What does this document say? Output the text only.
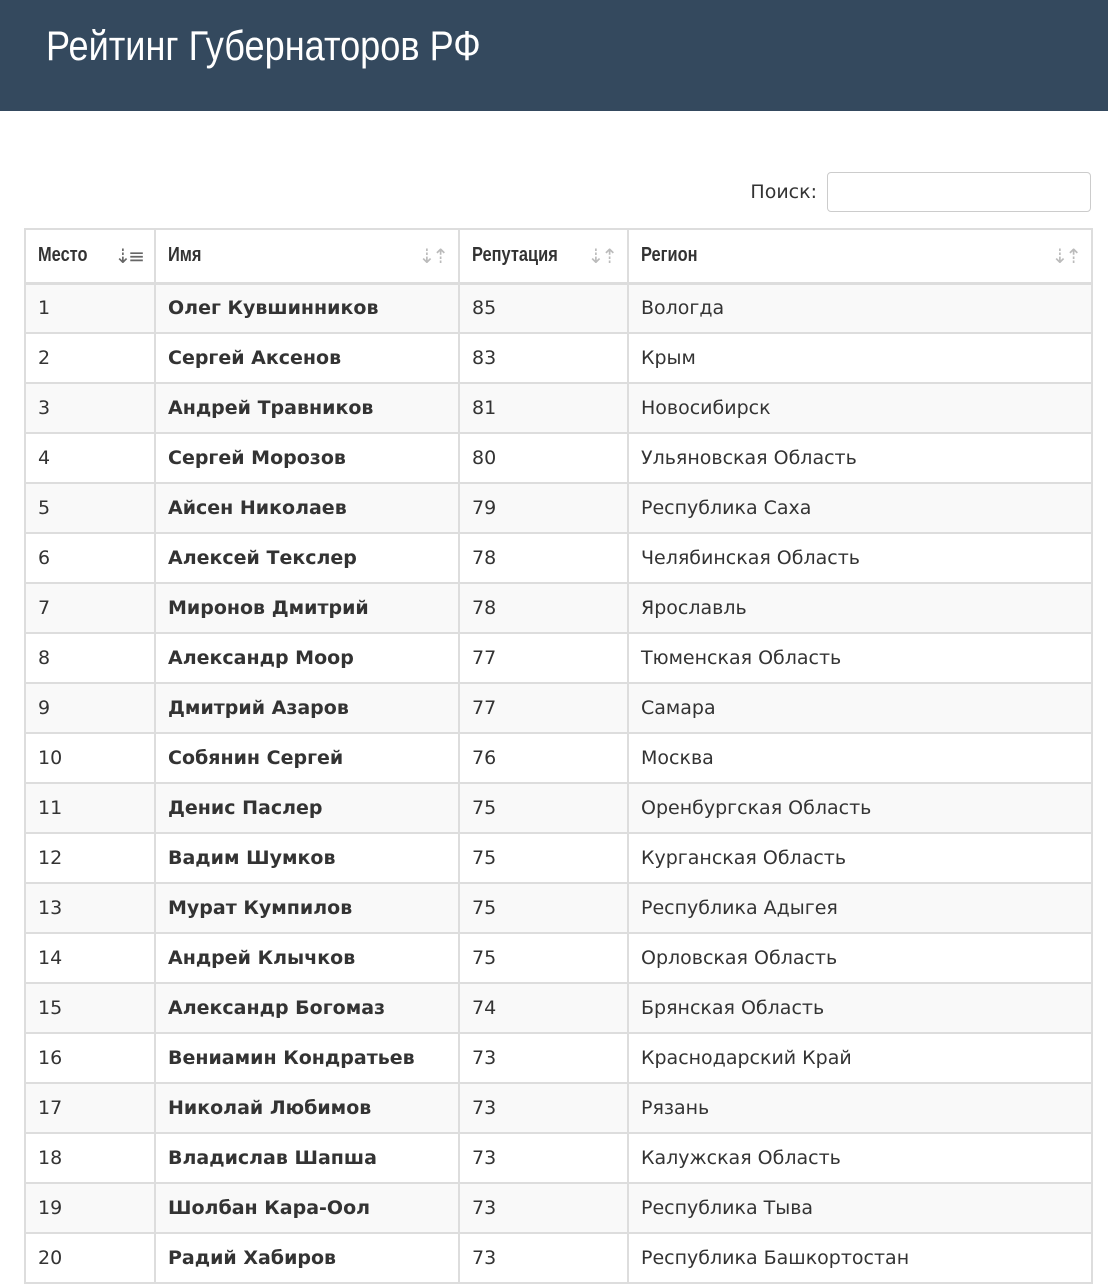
Рейтинг Губернаторов РФ
Поиск:
Место ⇣≡	Имя ⇣⇡	Репутация ⇣⇡	Регион ⇣⇡

1	Олег Кувшинников	85	Вологда
2	Сергей Аксенов	83	Крым
3	Андрей Травников	81	Новосибирск
4	Сергей Морозов	80	Ульяновская Область
5	Айсен Николаев	79	Республика Саха
6	Алексей Текслер	78	Челябинская Область
7	Миронов Дмитрий	78	Ярославль
8	Александр Моор	77	Тюменская Область
9	Дмитрий Азаров	77	Самара
10	Собянин Сергей	76	Москва
11	Денис Паслер	75	Оренбургская Область
12	Вадим Шумков	75	Курганская Область
13	Мурат Кумпилов	75	Республика Адыгея
14	Андрей Клычков	75	Орловская Область
15	Александр Богомаз	74	Брянская Область
16	Вениамин Кондратьев	73	Краснодарский Край
17	Николай Любимов	73	Рязань
18	Владислав Шапша	73	Калужская Область
19	Шолбан Кара-Оол	73	Республика Тыва
20	Радий Хабиров	73	Республика Башкортостан
